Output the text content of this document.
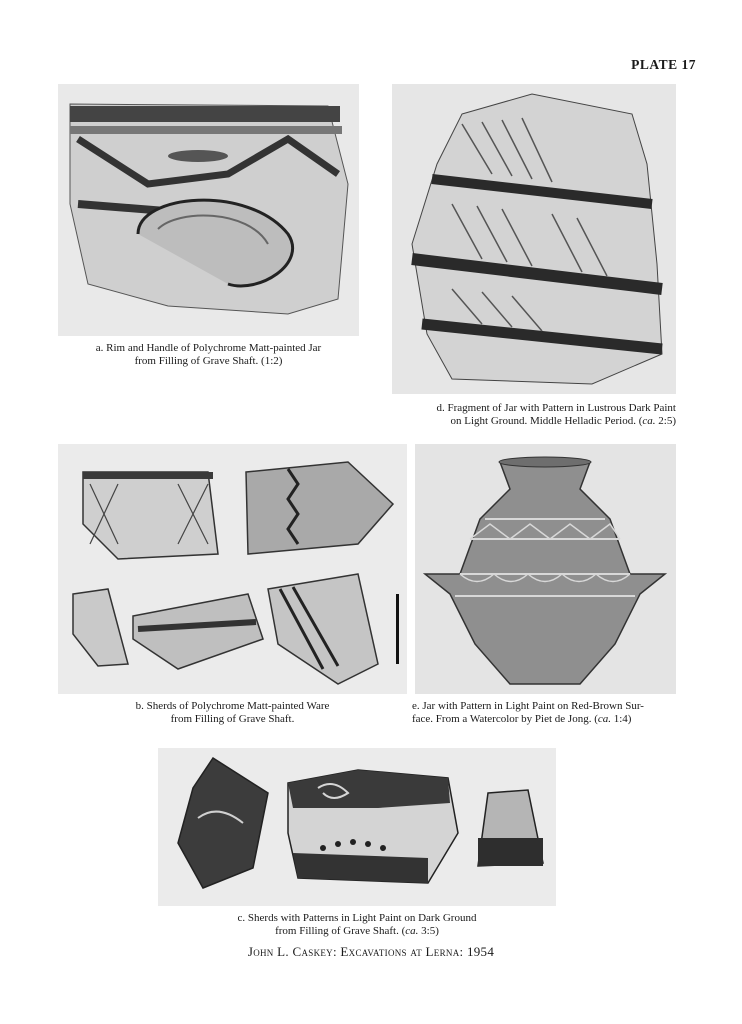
PLATE 17
a. Rim and Handle of Polychrome Matt-painted Jar
from Filling of Grave Shaft. (1:2)
d. Fragment of Jar with Pattern in Lustrous Dark Paint
on Light Ground. Middle Helladic Period. (ca. 2:5)
b. Sherds of Polychrome Matt-painted Ware
from Filling of Grave Shaft.
e. Jar with Pattern in Light Paint on Red-Brown Sur-
face. From a Watercolor by Piet de Jong. (ca. 1:4)
c. Sherds with Patterns in Light Paint on Dark Ground
from Filling of Grave Shaft. (ca. 3:5)
John L. Caskey: Excavations at Lerna: 1954
